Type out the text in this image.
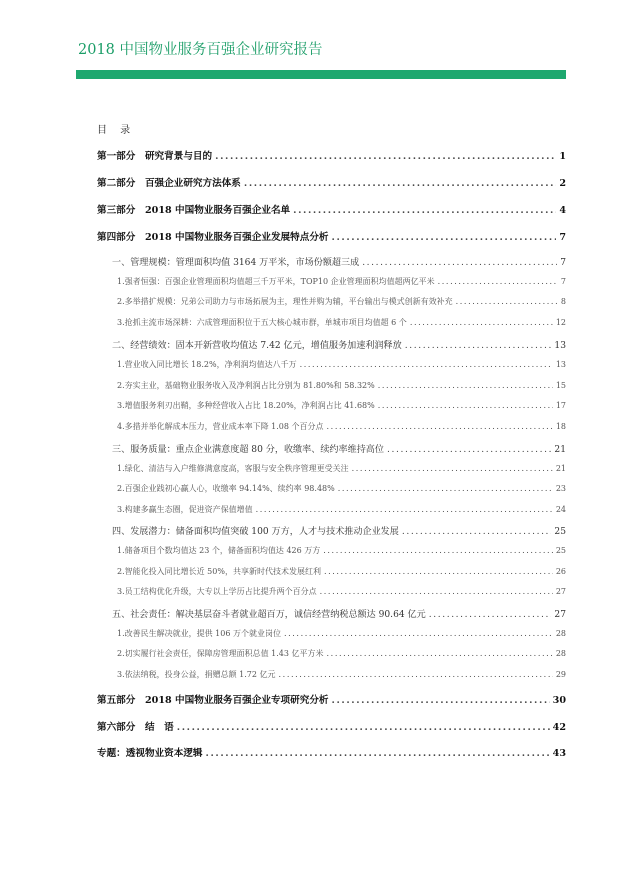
2018 中国物业服务百强企业研究报告
目 录
第一部分　研究背景与目的 .....	1
第二部分　百强企业研究方法体系 .....	2
第三部分　2018 中国物业服务百强企业名单 .....	4
第四部分　2018 中国物业服务百强企业发展特点分析 .....	7
一、管理规模：管理面积均值 3164 万平米，市场份额超三成 .....	7
1.强者恒强：百强企业管理面积均值超三千万平米，TOP10 企业管理面积均值超两亿平米 .....	7
2.多举措扩规模：兄弟公司助力与市场拓展为主，理性并购为辅，平台输出与模式创新有效补充 .....	8
3.抢抓主流市场深耕：六成管理面积位于五大核心城市群，单城市项目均值超 6 个 .....	12
二、经营绩效：固本开新营收均值达 7.42 亿元，增值服务加速利润释放 .....	13
1.营业收入同比增长 18.2%，净利润均值达八千万 .....	13
2.夯实主业，基础物业服务收入及净利润占比分别为 81.80%和 58.32% .....	15
3.增值服务利刃出鞘，多种经营收入占比 18.20%，净利润占比 41.68% .....	17
4.多措并举化解成本压力，营业成本率下降 1.08 个百分点 .....	18
三、服务质量：重点企业满意度超 80 分，收缴率、续约率维持高位 .....	21
1.绿化、清洁与入户维修满意度高，客服与安全秩序管理更受关注 .....	21
2.百强企业践初心赢人心，收缴率 94.14%、续约率 98.48% .....	23
3.构建多赢生态圈，促进资产保值增值 .....	24
四、发展潜力：储备面积均值突破 100 万方，人才与技术推动企业发展 .....	25
1.储备项目个数均值达 23 个，储备面积均值达 426 万方 .....	25
2.智能化投入同比增长近 50%，共享新时代技术发展红利 .....	26
3.员工结构优化升级，大专以上学历占比提升两个百分点 .....	27
五、社会责任：解决基层奋斗者就业超百万，诚信经营纳税总额达 90.64 亿元 .....	27
1.改善民生解决就业，提供 106 万个就业岗位 .....	28
2.切实履行社会责任，保障房管理面积总值 1.43 亿平方米 .....	28
3.依法纳税，投身公益，捐赠总额 1.72 亿元 .....	29
第五部分　2018 中国物业服务百强企业专项研究分析 .....	30
第六部分　结　语 .....	42
专题：透视物业资本逻辑 .....	43
